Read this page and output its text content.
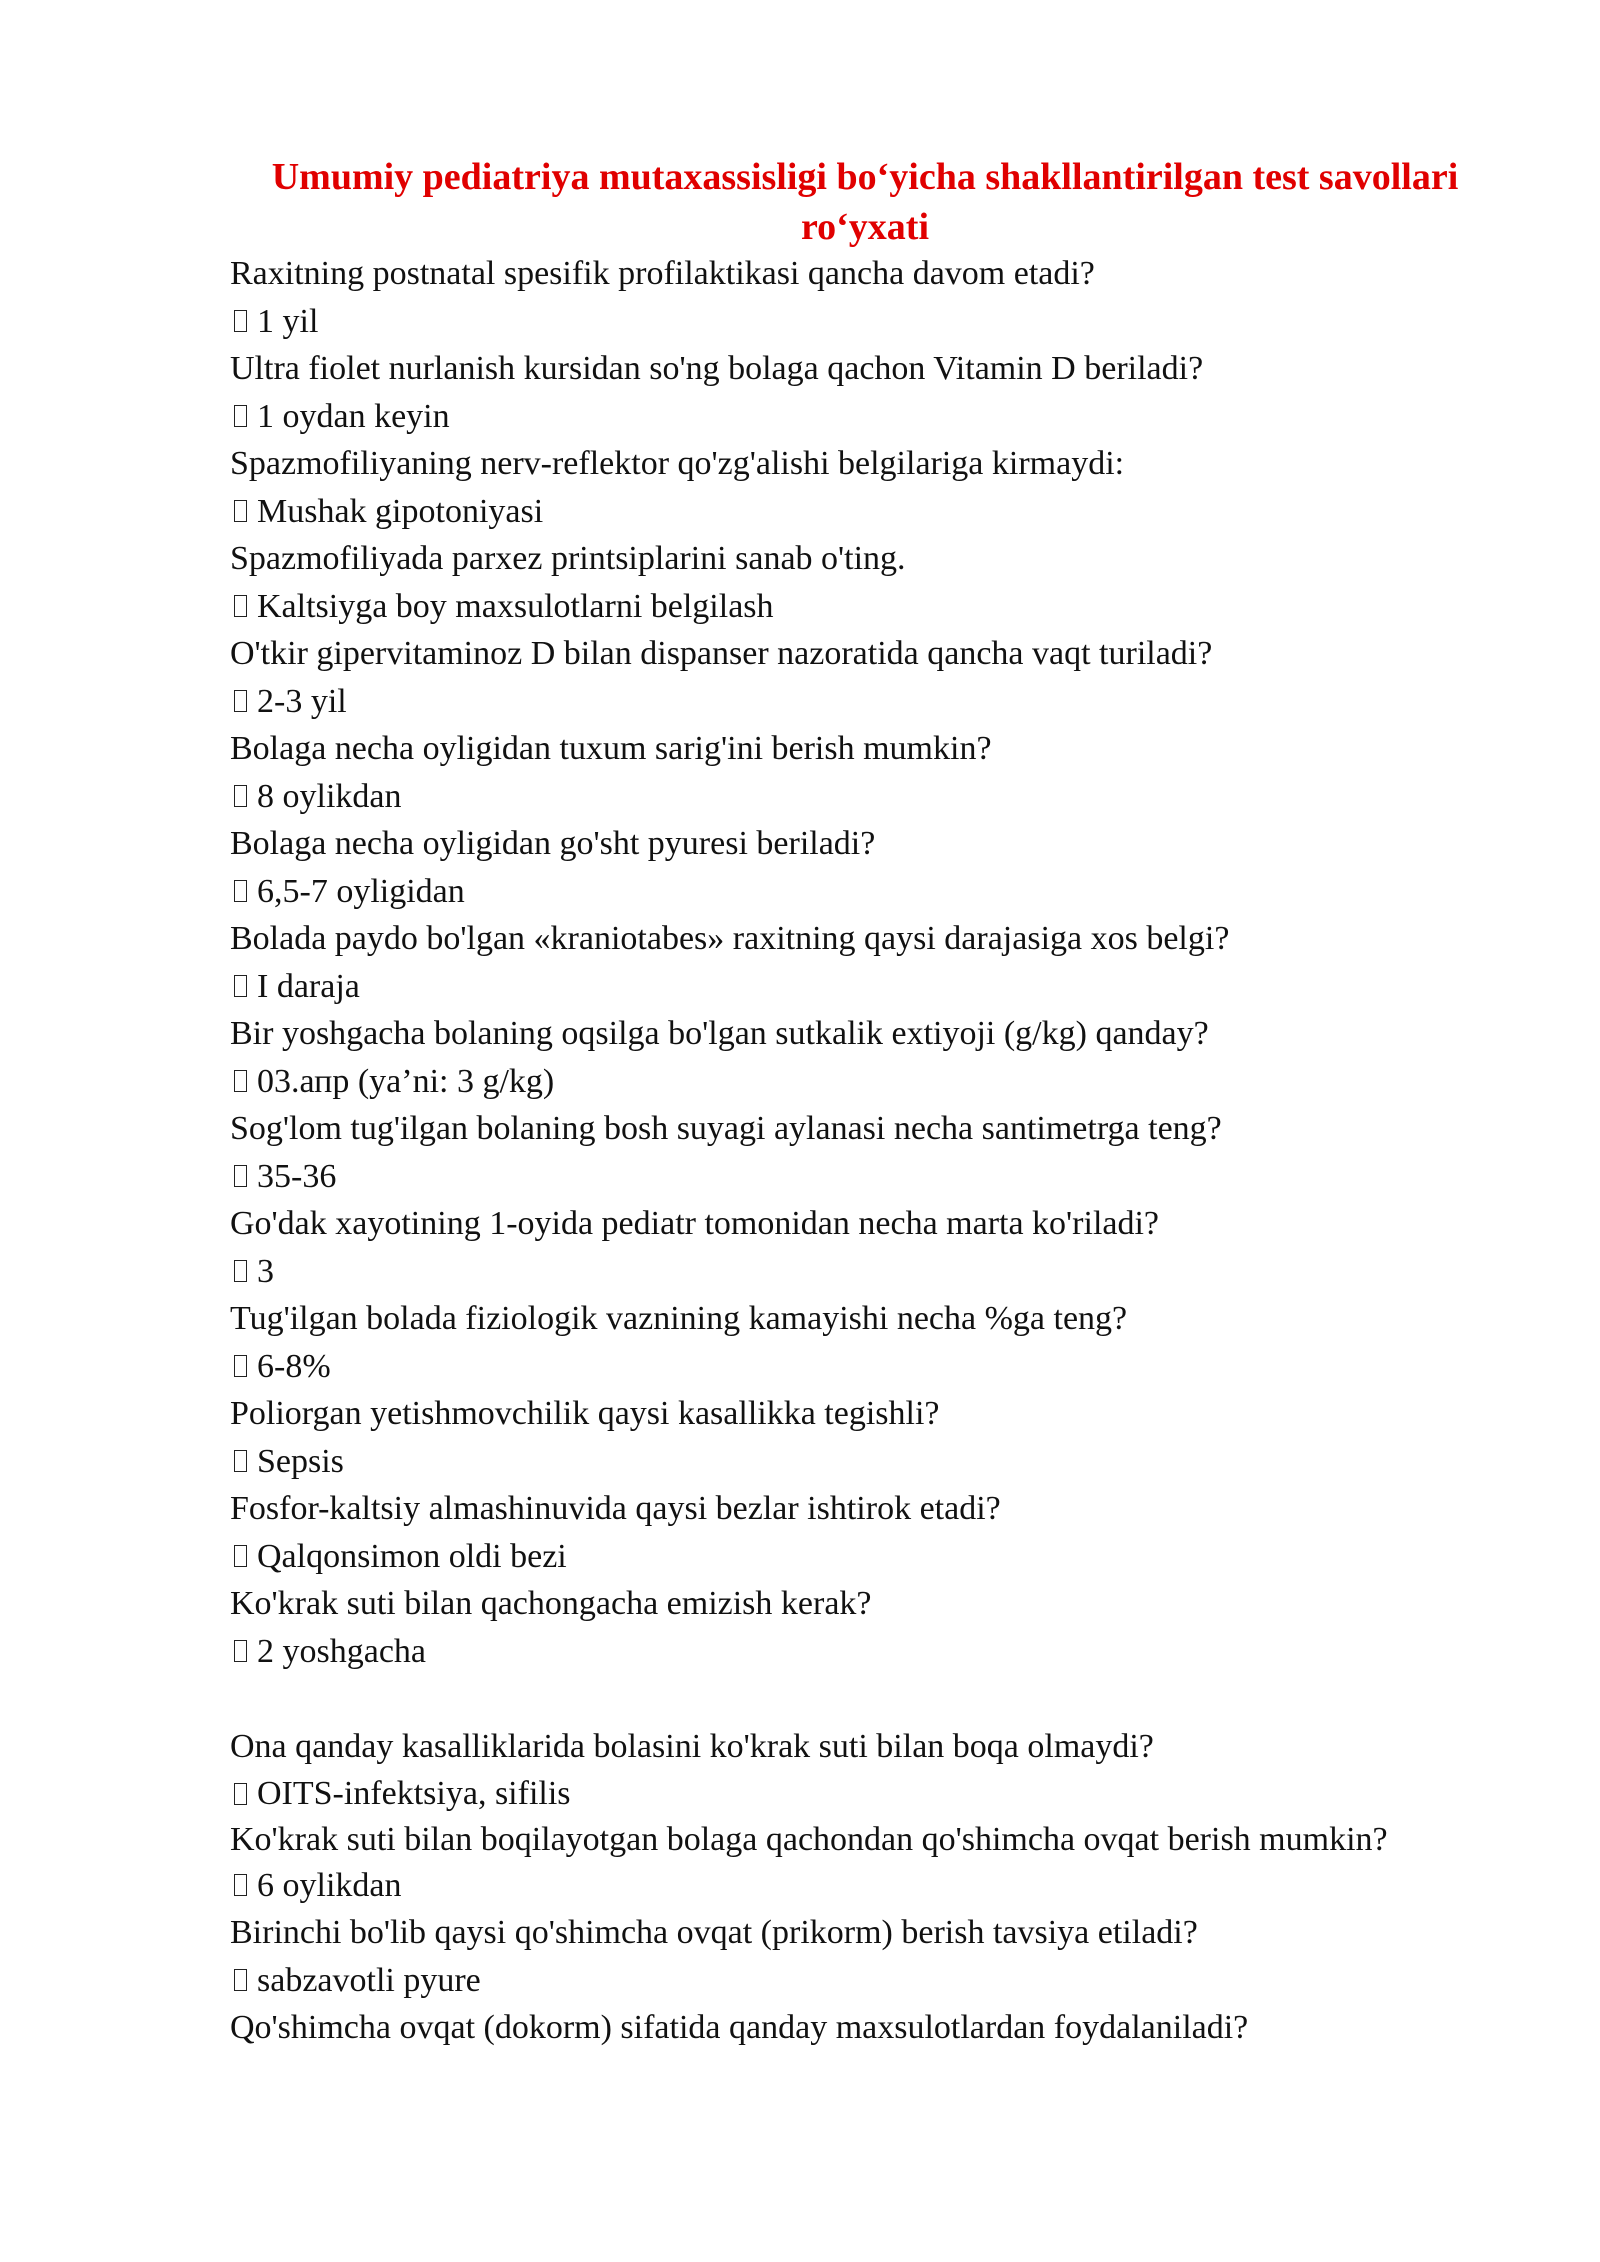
Umumiy pediatriya mutaxassisligi bo‘yicha shakllantirilgan test savollari ro‘yxati

Raxitning postnatal spesifik profilaktikasi qancha davom etadi?

1 yil

Ultra fiolet nurlanish kursidan so'ng bolaga qachon Vitamin D beriladi?

1 oydan keyin

Spazmofiliyaning nerv-reflektor qo'zg'alishi belgilariga kirmaydi:

Mushak gipotoniyasi

Spazmofiliyada parxez printsiplarini sanab o'ting.

Kaltsiyga boy maxsulotlarni belgilash

O'tkir gipervitaminoz D bilan dispanser nazoratida qancha vaqt turiladi?

2-3 yil

Bolaga necha oyligidan tuxum sarig'ini berish mumkin?

8 oylikdan

Bolaga necha oyligidan go'sht pyuresi beriladi?

6,5-7 oyligidan

Bolada paydo bo'lgan «kraniotabes» raxitning qaysi darajasiga xos belgi?

I daraja

Bir yoshgacha bolaning oqsilga bo'lgan sutkalik extiyoji (g/kg) qanday?

03.апр (ya’ni: 3 g/kg)

Sog'lom tug'ilgan bolaning bosh suyagi aylanasi necha santimetrga teng?

35-36

Go'dak xayotining 1-oyida pediatr tomonidan necha marta ko'riladi?

3

Tug'ilgan bolada fiziologik vaznining kamayishi necha %ga teng?

6-8%

Poliorgan yetishmovchilik qaysi kasallikka tegishli?

Sepsis

Fosfor-kaltsiy almashinuvida qaysi bezlar ishtirok etadi?

Qalqonsimon oldi bezi

Ko'krak suti bilan qachongacha emizish kerak?

2 yoshgacha

Ona qanday kasalliklarida bolasini ko'krak suti bilan boqa olmaydi?

OITS-infektsiya, sifilis

Ko'krak suti bilan boqilayotgan bolaga qachondan qo'shimcha ovqat berish mumkin?

6 oylikdan

Birinchi bo'lib qaysi qo'shimcha ovqat (prikorm) berish tavsiya etiladi?

sabzavotli pyure

Qo'shimcha ovqat (dokorm) sifatida qanday maxsulotlardan foydalaniladi?
